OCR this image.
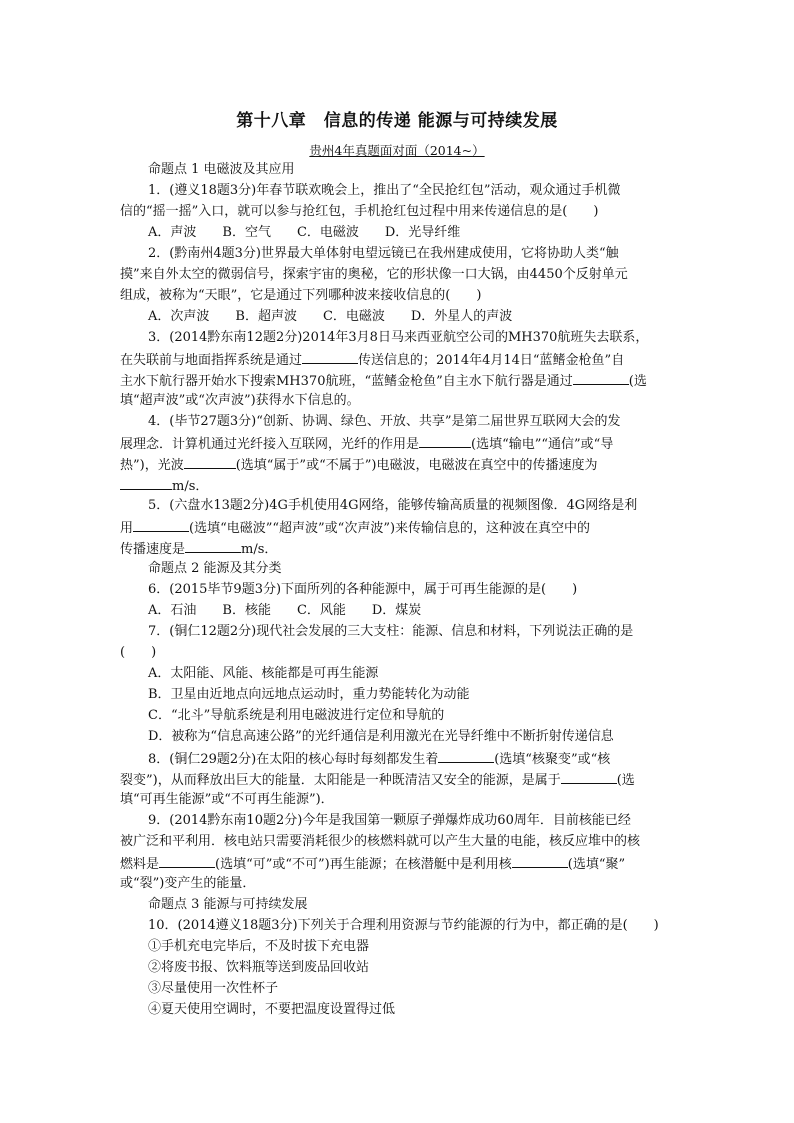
第十八章　信息的传递 能源与可持续发展
贵州4年真题面对面（2014~）
命题点 1 电磁波及其应用
1．(遵义18题3分)年春节联欢晚会上，推出了“全民抢红包”活动，观众通过手机微
信的“摇一摇”入口，就可以参与抢红包，手机抢红包过程中用来传递信息的是(　　)
A．声波　　B．空气　　C．电磁波　　D．光导纤维
2．(黔南州4题3分)世界最大单体射电望远镜已在我州建成使用，它将协助人类“触
摸”来自外太空的微弱信号，探索宇宙的奥秘，它的形状像一口大锅，由4450个反射单元
组成，被称为“天眼”，它是通过下列哪种波来接收信息的(　　)
A．次声波　　B．超声波　　C．电磁波　　D．外星人的声波
3．(2014黔东南12题2分)2014年3月8日马来西亚航空公司的MH370航班失去联系，
在失联前与地面指挥系统是通过	传送信息的；2014年4月14日“蓝鳍金枪鱼”自
主水下航行器开始水下搜索MH370航班，“蓝鳍金枪鱼”自主水下航行器是通过	(选
填“超声波”或“次声波”)获得水下信息的。
4．(毕节27题3分)“创新、协调、绿色、开放、共享”是第二届世界互联网大会的发
展理念．计算机通过光纤接入互联网，光纤的作用是	(选填“输电”“通信”或“导
热”)，光波	(选填“属于”或“不属于”)电磁波，电磁波在真空中的传播速度为
m/s．
5．(六盘水13题2分)4G手机使用4G网络，能够传输高质量的视频图像．4G网络是利
用	(选填“电磁波”“超声波”或“次声波”)来传输信息的，这种波在真空中的
传播速度是	m/s．
命题点 2 能源及其分类
6．(2015毕节9题3分)下面所列的各种能源中，属于可再生能源的是(　　)
A．石油　　B．核能　　C．风能　　D．煤炭
7．(铜仁12题2分)现代社会发展的三大支柱：能源、信息和材料，下列说法正确的是
(　　)
A．太阳能、风能、核能都是可再生能源
B．卫星由近地点向远地点运动时，重力势能转化为动能
C．“北斗”导航系统是利用电磁波进行定位和导航的
D．被称为“信息高速公路”的光纤通信是利用激光在光导纤维中不断折射传递信息
8．(铜仁29题2分)在太阳的核心每时每刻都发生着	(选填“核聚变”或“核
裂变”)，从而释放出巨大的能量．太阳能是一种既清洁又安全的能源，是属于	(选
填“可再生能源”或“不可再生能源”)．
9．(2014黔东南10题2分)今年是我国第一颗原子弹爆炸成功60周年．目前核能已经
被广泛和平利用．核电站只需要消耗很少的核燃料就可以产生大量的电能，核反应堆中的核
燃料是	(选填“可”或“不可”)再生能源；在核潜艇中是利用核	(选填“聚”
或“裂”)变产生的能量．
命题点 3 能源与可持续发展
10．(2014遵义18题3分)下列关于合理利用资源与节约能源的行为中，都正确的是(　　)
①手机充电完毕后，不及时拔下充电器
②将废书报、饮料瓶等送到废品回收站
③尽量使用一次性杯子
④夏天使用空调时，不要把温度设置得过低
